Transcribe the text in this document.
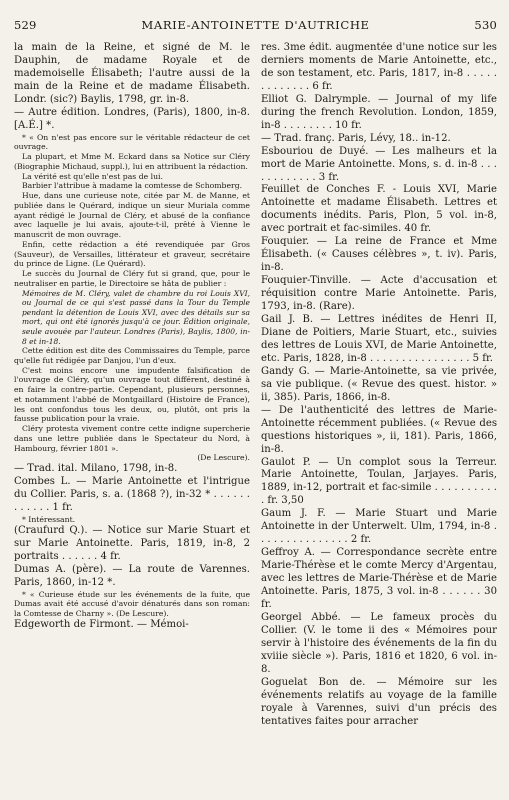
529	MARIE-ANTOINETTE D'AUTRICHE	530

la main de la Reine, et signé de M. le Dauphin, de madame Royale et de mademoiselle Élisabeth; l'autre aussi de la main de la Reine et de madame Élisabeth. Londr. (sic?) Baylis, 1798, gr. in-8.

— Autre édition. Londres, (Paris), 1800, in-8. [A.É.] *.

* « On n'est pas encore sur le véritable rédacteur de cet ouvrage.

La plupart, et Mme M. Eckard dans sa Notice sur Cléry (Biographie Michaud, suppl.), lui en attribuent la rédaction.

La vérité est qu'elle n'est pas de lui.

Barbier l'attribue à madame la comtesse de Schomberg.

Hue, dans une curieuse note, citée par M. de Manne, et publiée dans le Quérard, indique un sieur Muriala comme ayant rédigé le Journal de Cléry, et abusé de la confiance avec laquelle je lui avais, ajoute-t-il, prêté à Vienne le manuscrit de mon ouvrage.

Enfin, cette rédaction a été revendiquée par Gros (Sauveur), de Versailles, littérateur et graveur, secrétaire du prince de Ligne. (Le Quérard).

Le succès du Journal de Cléry fut si grand, que, pour le neutraliser en partie, le Directoire se hâta de publier :

Mémoires de M. Cléry, valet de chambre du roi Louis XVI, ou Journal de ce qui s'est passé dans la Tour du Temple pendant la détention de Louis XVI, avec des détails sur sa mort, qui ont été ignorés jusqu'à ce jour. Édition originale, seule avouée par l'auteur. Londres (Paris), Baylis, 1800, in-8 et in-18.

Cette édition est dite des Commissaires du Temple, parce qu'elle fut rédigée par Danjou, l'un d'eux.

C'est moins encore une impudente falsification de l'ouvrage de Cléry, qu'un ouvrage tout différent, destiné à en faire la contre-partie. Cependant, plusieurs personnes, et notamment l'abbé de Montgaillard (Histoire de France), les ont confondus tous les deux, ou, plutôt, ont pris la fausse publication pour la vraie.

Cléry protesta vivement contre cette indigne supercherie dans une lettre publiée dans le Spectateur du Nord, à Hambourg, février 1801 ».

(De Lescure).

— Trad. ital. Milano, 1798, in-8.

Combes L. — Marie Antoinette et l'intrigue du Collier. Paris, s. a. (1868 ?), in-32 * . . . . . . . . . . . . 1 fr.

* Intéressant.

(Craufurd Q.). — Notice sur Marie Stuart et sur Marie Antoinette. Paris, 1819, in-8, 2 portraits . . . . . . 4 fr.

Dumas A. (père). — La route de Varennes. Paris, 1860, in-12 *.

* « Curieuse étude sur les événements de la fuite, que Dumas avait été accusé d'avoir dénaturés dans son roman: la Comtesse de Charny ». (De Lescure).

Edgeworth de Firmont. — Mémoi-

res. 3me édit. augmentée d'une notice sur les derniers moments de Marie Antoinette, etc., de son testament, etc. Paris, 1817, in-8 . . . . . . . . . . . . . 6 fr.

Elliot G. Dalrymple. — Journal of my life during the french Revolution. London, 1859, in-8 . . . . . . . . 10 fr.

— Trad. franç. Paris, Lévy, 18.. in-12.

Esbouriou de Duyé. — Les malheurs et la mort de Marie Antoinette. Mons, s. d. in-8 . . . . . . . . . . . . 3 fr.

Feuillet de Conches F. - Louis XVI, Marie Antoinette et madame Élisabeth. Lettres et documents inédits. Paris, Plon, 5 vol. in-8, avec portrait et fac-similes. 40 fr.

Fouquier. — La reine de France et Mme Élisabeth. (« Causes célèbres », t. iv). Paris, in-8.

Fouquier-Tinville. — Acte d'accusation et réquisition contre Marie Antoinette. Paris, 1793, in-8. (Rare).

Gail J. B. — Lettres inédites de Henri II, Diane de Poitiers, Marie Stuart, etc., suivies des lettres de Louis XVI, de Marie Antoinette, etc. Paris, 1828, in-8 . . . . . . . . . . . . . . . . 5 fr.

Gandy G. — Marie-Antoinette, sa vie privée, sa vie publique. (« Revue des quest. histor. » ii, 385). Paris, 1866, in-8.

— De l'authenticité des lettres de Marie-Antoinette récemment publiées. (« Revue des questions historiques », ii, 181). Paris, 1866, in-8.

Gaulot P. — Un complot sous la Terreur. Marie Antoinette, Toulan, Jarjayes. Paris, 1889, in-12, portrait et fac-simile . . . . . . . . . . . fr. 3,50

Gaum J. F. — Marie Stuart und Marie Antoinette in der Unterwelt. Ulm, 1794, in-8 . . . . . . . . . . . . . . . 2 fr.

Geffroy A. — Correspondance secrète entre Marie-Thérèse et le comte Mercy d'Argentau, avec les lettres de Marie-Thérèse et de Marie Antoinette. Paris, 1875, 3 vol. in-8 . . . . . . 30 fr.

Georgel Abbé. — Le fameux procès du Collier. (V. le tome ii des « Mémoires pour servir à l'histoire des événements de la fin du xviiie siècle »). Paris, 1816 et 1820, 6 vol. in-8.

Goguelat Bon de. — Mémoire sur les événements relatifs au voyage de la famille royale à Varennes, suivi d'un précis des tentatives faites pour arracher
